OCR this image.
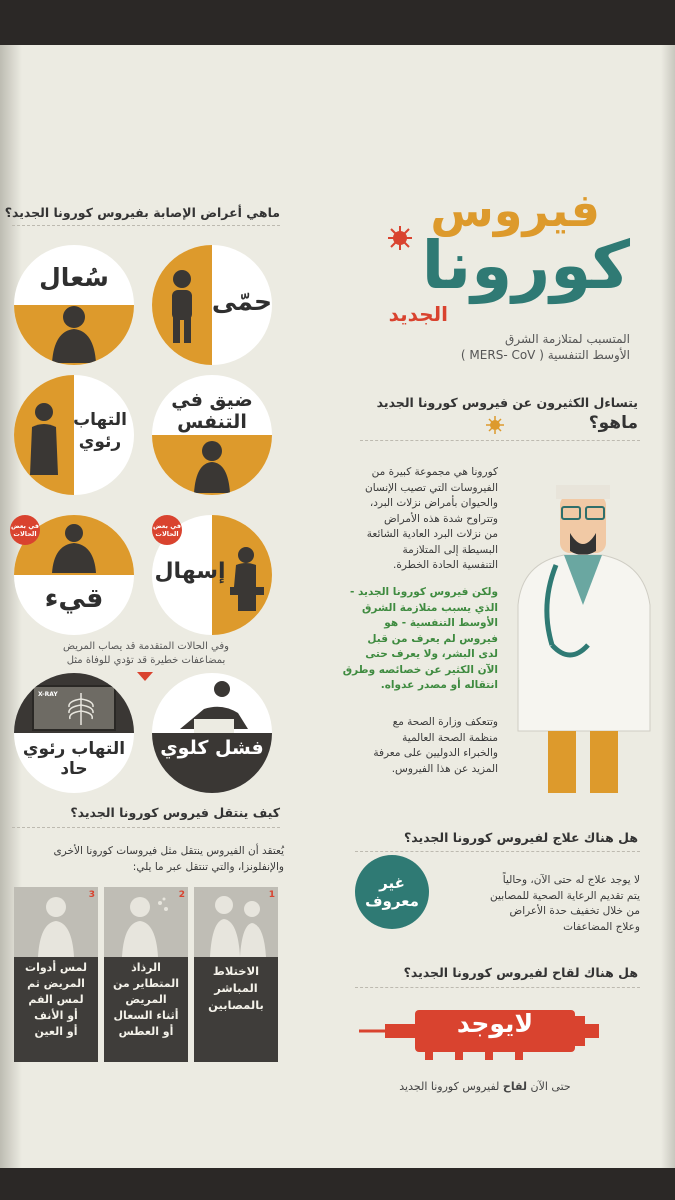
فيروس
كورونا
الجديد
المتسبب لمتلازمة الشرق
الأوسط التنفسية ( MERS- CoV )
ماهي أعراض الإصابة بفيروس كورونا الجديد؟
حمّى
سُعال
ضيق في التنفس
التهاب رئوي
إسهال
في بعض الحالات
قيء
في بعض الحالات
وفي الحالات المتقدمة قد يصاب المريض
بمضاعفات خطيرة قد تؤدي للوفاة مثل
فشل كلوي
X-RAY
التهاب رئوي حاد
يتساءل الكثيرون عن فيروس كورونا الجديد
ماهو؟
كورونا هي مجموعة كبيرة من
الفيروسات التي تصيب الإنسان
والحيوان بأمراض نزلات البرد،
وتتراوح شدة هذه الأمراض
من نزلات البرد العادية الشائعة
البسيطة إلى المتلازمة
التنفسية الحادة الخطرة.
ولكن فيروس كورونا الجديد -
الذي يسبب متلازمة الشرق
الأوسط التنفسية - هو
فيروس لم يعرف من قبل
لدى البشر، ولا يعرف حتى
الآن الكثير عن خصائصه وطرق
انتقاله أو مصدر عدواه.
وتتعكف وزارة الصحة مع
منظمة الصحة العالمية
والخبراء الدوليين على معرفة
المزيد عن هذا الفيروس.
كيف ينتقل فيروس كورونا الجديد؟
يُعتقد أن الفيروس ينتقل مثل فيروسات كورونا الأخرى
والإنفلونزا، والتي تنتقل عبر ما يلي:
1
الاختلاط
المباشر
بالمصابين
2
الرذاذ
المتطاير من
المريض
أثناء السعال
أو العطس
3
لمس أدوات
المريض ثم
لمس الفم
أو الأنف
أو العين
هل هناك علاج لفيروس كورونا الجديد؟
غير معروف
لا يوجد علاج له حتى الآن، وحالياً
يتم تقديم الرعاية الصحية للمصابين
من خلال تخفيف حدة الأعراض
وعلاج المضاعفات
هل هناك لقاح لفيروس كورونا الجديد؟
لايوجد
حتى الآن لقاح لفيروس كورونا الجديد
